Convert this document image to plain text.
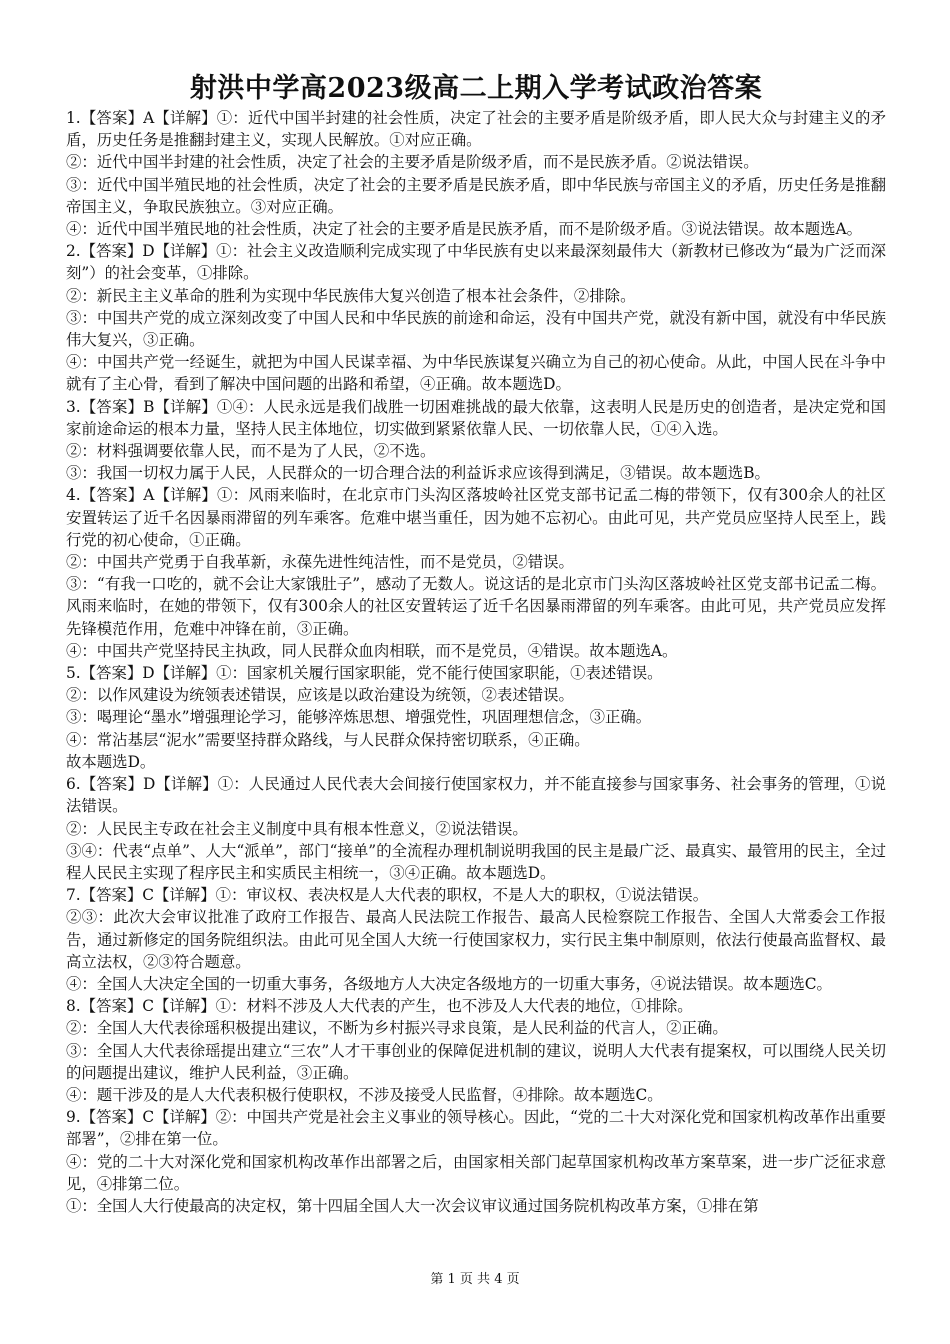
射洪中学高2023级高二上期入学考试政治答案

1.【答案】A【详解】①：近代中国半封建的社会性质，决定了社会的主要矛盾是阶级矛盾，即人民大众与封建主义的矛盾，历史任务是推翻封建主义，实现人民解放。①对应正确。

②：近代中国半封建的社会性质，决定了社会的主要矛盾是阶级矛盾，而不是民族矛盾。②说法错误。

③：近代中国半殖民地的社会性质，决定了社会的主要矛盾是民族矛盾，即中华民族与帝国主义的矛盾，历史任务是推翻帝国主义，争取民族独立。③对应正确。

④：近代中国半殖民地的社会性质，决定了社会的主要矛盾是民族矛盾，而不是阶级矛盾。③说法错误。故本题选A。

2.【答案】D【详解】①：社会主义改造顺利完成实现了中华民族有史以来最深刻最伟大（新教材已修改为“最为广泛而深刻”）的社会变革，①排除。

②：新民主主义革命的胜利为实现中华民族伟大复兴创造了根本社会条件，②排除。

③：中国共产党的成立深刻改变了中国人民和中华民族的前途和命运，没有中国共产党，就没有新中国，就没有中华民族伟大复兴，③正确。

④：中国共产党一经诞生，就把为中国人民谋幸福、为中华民族谋复兴确立为自己的初心使命。从此，中国人民在斗争中就有了主心骨，看到了解决中国问题的出路和希望，④正确。故本题选D。

3.【答案】B【详解】①④：人民永远是我们战胜一切困难挑战的最大依靠，这表明人民是历史的创造者，是决定党和国家前途命运的根本力量，坚持人民主体地位，切实做到紧紧依靠人民、一切依靠人民，①④入选。

②：材料强调要依靠人民，而不是为了人民，②不选。

③：我国一切权力属于人民，人民群众的一切合理合法的利益诉求应该得到满足，③错误。故本题选B。

4.【答案】A【详解】①：风雨来临时，在北京市门头沟区落坡岭社区党支部书记孟二梅的带领下，仅有300余人的社区安置转运了近千名因暴雨滞留的列车乘客。危难中堪当重任，因为她不忘初心。由此可见，共产党员应坚持人民至上，践行党的初心使命，①正确。

②：中国共产党勇于自我革新，永葆先进性纯洁性，而不是党员，②错误。

③：“有我一口吃的，就不会让大家饿肚子”，感动了无数人。说这话的是北京市门头沟区落坡岭社区党支部书记孟二梅。风雨来临时，在她的带领下，仅有300余人的社区安置转运了近千名因暴雨滞留的列车乘客。由此可见，共产党员应发挥先锋模范作用，危难中冲锋在前，③正确。

④：中国共产党坚持民主执政，同人民群众血肉相联，而不是党员，④错误。故本题选A。

5.【答案】D【详解】①：国家机关履行国家职能，党不能行使国家职能，①表述错误。

②：以作风建设为统领表述错误，应该是以政治建设为统领，②表述错误。

③：喝理论“墨水”增强理论学习，能够淬炼思想、增强党性，巩固理想信念，③正确。

④：常沾基层“泥水”需要坚持群众路线，与人民群众保持密切联系，④正确。

故本题选D。

6.【答案】D【详解】①：人民通过人民代表大会间接行使国家权力，并不能直接参与国家事务、社会事务的管理，①说法错误。

②：人民民主专政在社会主义制度中具有根本性意义，②说法错误。

③④：代表“点单”、人大“派单”，部门“接单”的全流程办理机制说明我国的民主是最广泛、最真实、最管用的民主，全过程人民民主实现了程序民主和实质民主相统一，③④正确。故本题选D。

7.【答案】C【详解】①：审议权、表决权是人大代表的职权，不是人大的职权，①说法错误。

②③：此次大会审议批准了政府工作报告、最高人民法院工作报告、最高人民检察院工作报告、全国人大常委会工作报告，通过新修定的国务院组织法。由此可见全国人大统一行使国家权力，实行民主集中制原则，依法行使最高监督权、最高立法权，②③符合题意。

④：全国人大决定全国的一切重大事务，各级地方人大决定各级地方的一切重大事务，④说法错误。故本题选C。

8.【答案】C【详解】①：材料不涉及人大代表的产生，也不涉及人大代表的地位，①排除。

②：全国人大代表徐瑶积极提出建议，不断为乡村振兴寻求良策，是人民利益的代言人，②正确。

③：全国人大代表徐瑶提出建立“三农”人才干事创业的保障促进机制的建议，说明人大代表有提案权，可以围绕人民关切的问题提出建议，维护人民利益，③正确。

④：题干涉及的是人大代表积极行使职权，不涉及接受人民监督，④排除。故本题选C。

9.【答案】C【详解】②：中国共产党是社会主义事业的领导核心。因此，“党的二十大对深化党和国家机构改革作出重要部署”，②排在第一位。

④：党的二十大对深化党和国家机构改革作出部署之后，由国家相关部门起草国家机构改革方案草案，进一步广泛征求意见，④排第二位。

①：全国人大行使最高的决定权，第十四届全国人大一次会议审议通过国务院机构改革方案，①排在第

第 1 页 共 4 页
